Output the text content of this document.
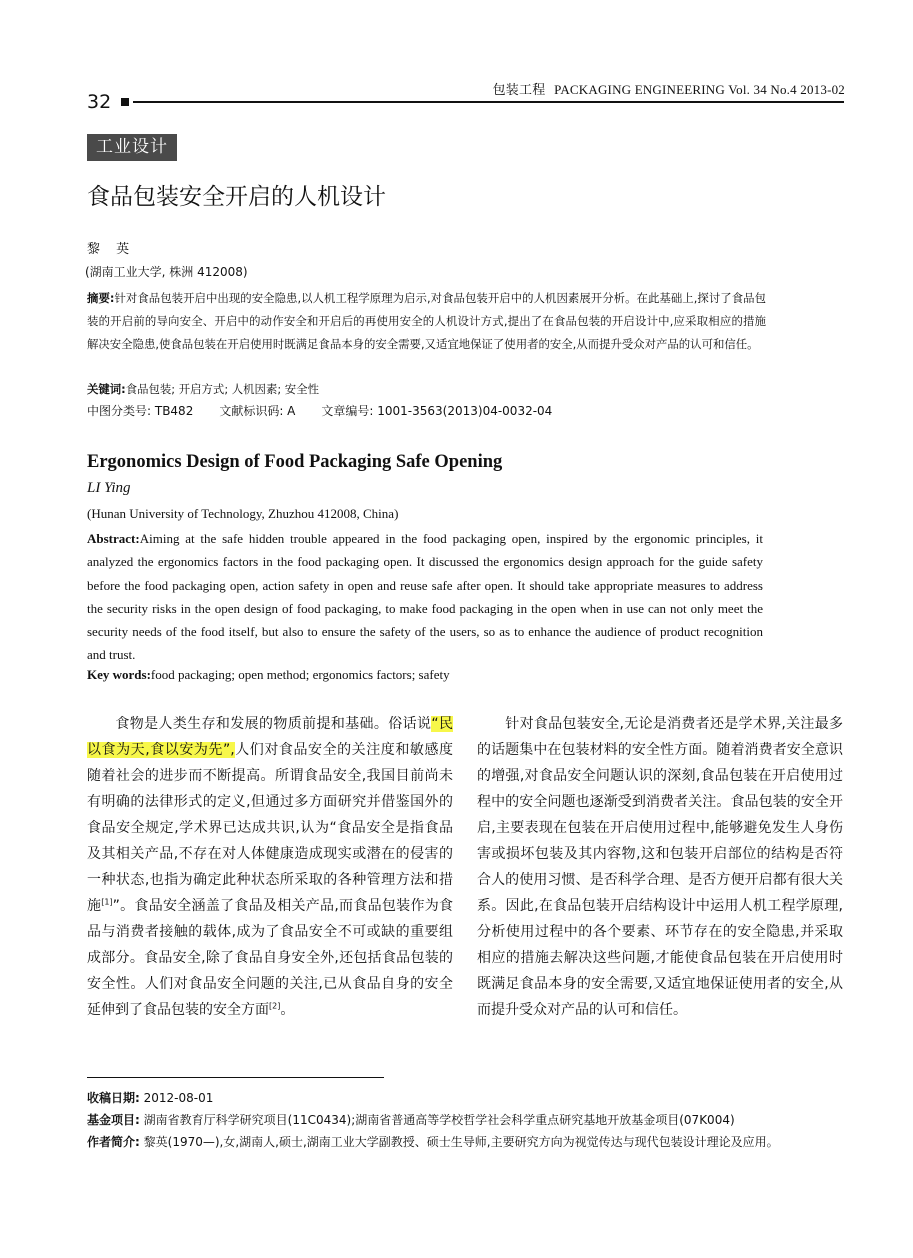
32
包装工程 PACKAGING ENGINEERING Vol. 34 No.4 2013-02
工业设计
食品包装安全开启的人机设计
黎 英
(湖南工业大学, 株洲 412008)
摘要:针对食品包装开启中出现的安全隐患,以人机工程学原理为启示,对食品包装开启中的人机因素展开分析。在此基础上,探讨了食品包装的开启前的导向安全、开启中的动作安全和开启后的再使用安全的人机设计方式,提出了在食品包装的开启设计中,应采取相应的措施解决安全隐患,使食品包装在开启使用时既满足食品本身的安全需要,又适宜地保证了使用者的安全,从而提升受众对产品的认可和信任。
关键词:食品包装; 开启方式; 人机因素; 安全性
中图分类号: TB482 文献标识码: A 文章编号: 1001-3563(2013)04-0032-04
Ergonomics Design of Food Packaging Safe Opening
LI Ying
(Hunan University of Technology, Zhuzhou 412008, China)
Abstract:Aiming at the safe hidden trouble appeared in the food packaging open, inspired by the ergonomic principles, it analyzed the ergonomics factors in the food packaging open. It discussed the ergonomics design approach for the guide safety before the food packaging open, action safety in open and reuse safe after open. It should take appropriate measures to address the security risks in the open design of food packaging, to make food packaging in the open when in use can not only meet the security needs of the food itself, but also to ensure the safety of the users, so as to enhance the audience of product recognition and trust.
Key words:food packaging; open method; ergonomics factors; safety
食物是人类生存和发展的物质前提和基础。俗话说“民以食为天,食以安为先”,人们对食品安全的关注度和敏感度随着社会的进步而不断提高。所谓食品安全,我国目前尚未有明确的法律形式的定义,但通过多方面研究并借鉴国外的食品安全规定,学术界已达成共识,认为“食品安全是指食品及其相关产品,不存在对人体健康造成现实或潜在的侵害的一种状态,也指为确定此种状态所采取的各种管理方法和措施[1]”。食品安全涵盖了食品及相关产品,而食品包装作为食品与消费者接触的载体,成为了食品安全不可或缺的重要组成部分。食品安全,除了食品自身安全外,还包括食品包装的安全性。人们对食品安全问题的关注,已从食品自身的安全延伸到了食品包装的安全方面[2]。
针对食品包装安全,无论是消费者还是学术界,关注最多的话题集中在包装材料的安全性方面。随着消费者安全意识的增强,对食品安全问题认识的深刻,食品包装在开启使用过程中的安全问题也逐渐受到消费者关注。食品包装的安全开启,主要表现在包装在开启使用过程中,能够避免发生人身伤害或损坏包装及其内容物,这和包装开启部位的结构是否符合人的使用习惯、是否科学合理、是否方便开启都有很大关系。因此,在食品包装开启结构设计中运用人机工程学原理,分析使用过程中的各个要素、环节存在的安全隐患,并采取相应的措施去解决这些问题,才能使食品包装在开启使用时既满足食品本身的安全需要,又适宜地保证使用者的安全,从而提升受众对产品的认可和信任。
收稿日期: 2012-08-01
基金项目: 湖南省教育厅科学研究项目(11C0434);湖南省普通高等学校哲学社会科学重点研究基地开放基金项目(07K004)
作者简介: 黎英(1970—),女,湖南人,硕士,湖南工业大学副教授、硕士生导师,主要研究方向为视觉传达与现代包装设计理论及应用。
